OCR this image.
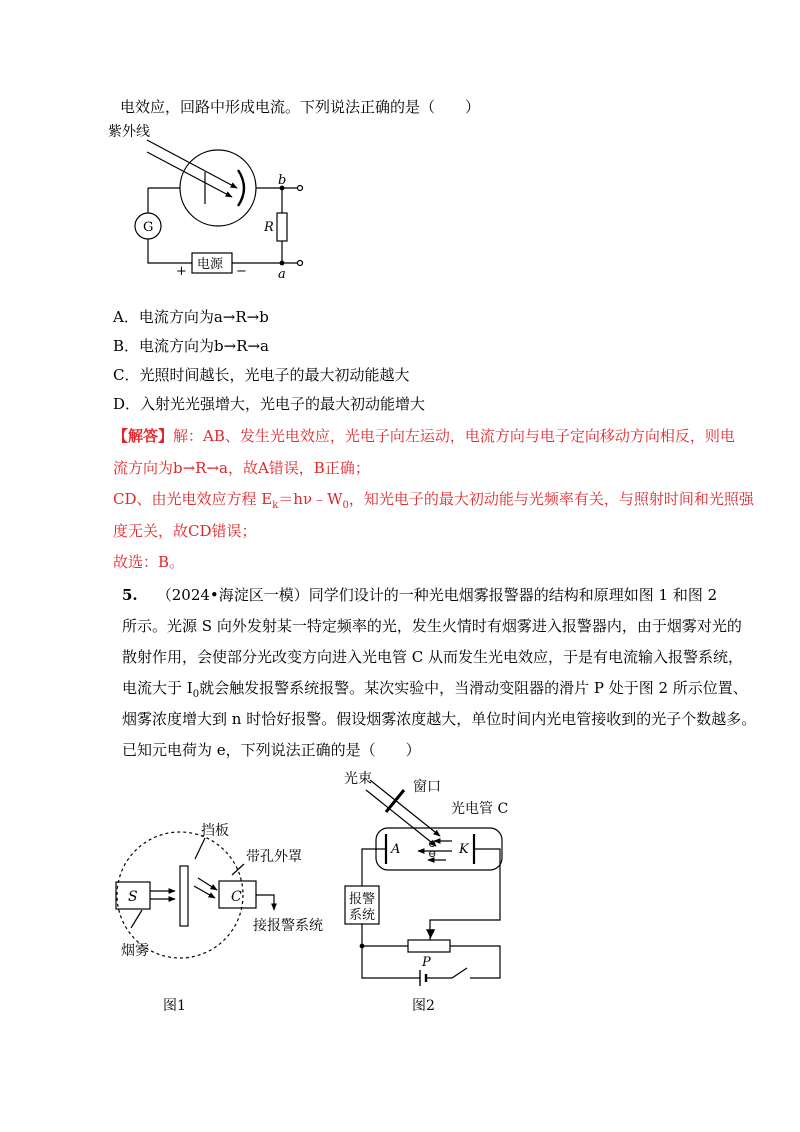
电效应，回路中形成电流。下列说法正确的是（　　）
紫外线
G	R
b
a
电源
+	−
S	C
挡板
带孔外罩
接报警系统
烟雾
图1
⊖
⊖
▼
光束	窗口
光电管 C
A	K
报警
系统
P
图2
A．电流方向为a→R→b
B．电流方向为b→R→a
C．光照时间越长，光电子的最大初动能越大
D．入射光光强增大，光电子的最大初动能增大
【解答】解：AB、发生光电效应，光电子向左运动，电流方向与电子定向移动方向相反，则电
流方向为b→R→a，故A错误，B正确；
CD、由光电效应方程 $E_k=h\nu﹣W_0$，知光电子的最大初动能与光频率有关，与照射时间和光照强
度无关，故CD错误；
故选：B。
5. （2024•海淀区一模）同学们设计的一种光电烟雾报警器的结构和原理如图 1 和图 2
所示。光源 S 向外发射某一特定频率的光，发生火情时有烟雾进入报警器内，由于烟雾对光的
散射作用，会使部分光改变方向进入光电管 C 从而发生光电效应，于是有电流输入报警系统，
电流大于 $I_0$就会触发报警系统报警。某次实验中，当滑动变阻器的滑片 P 处于图 2 所示位置、
烟雾浓度增大到 n 时恰好报警。假设烟雾浓度越大，单位时间内光电管接收到的光子个数越多。
已知元电荷为 e，下列说法正确的是（　　）
